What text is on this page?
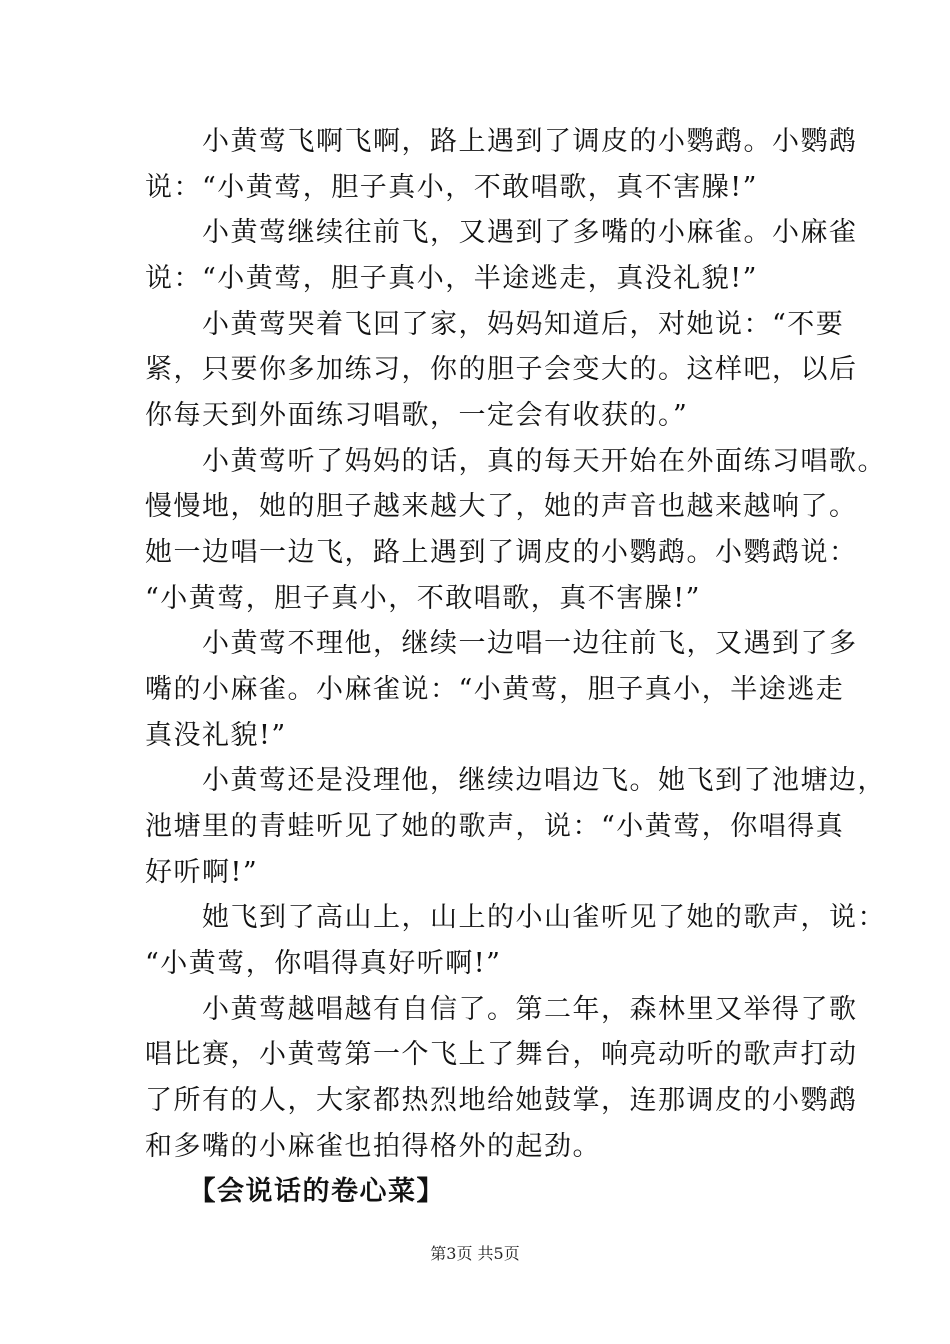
　　小黄莺飞啊飞啊，路上遇到了调皮的小鹦鹉。小鹦鹉
说：“小黄莺，胆子真小，不敢唱歌，真不害臊!”
　　小黄莺继续往前飞，又遇到了多嘴的小麻雀。小麻雀
说：“小黄莺，胆子真小，半途逃走，真没礼貌!”
　　小黄莺哭着飞回了家，妈妈知道后，对她说：“不要
紧，只要你多加练习，你的胆子会变大的。这样吧，以后
你每天到外面练习唱歌，一定会有收获的。”
　　小黄莺听了妈妈的话，真的每天开始在外面练习唱歌。
慢慢地，她的胆子越来越大了，她的声音也越来越响了。
她一边唱一边飞，路上遇到了调皮的小鹦鹉。小鹦鹉说：
“小黄莺，胆子真小，不敢唱歌，真不害臊!”
　　小黄莺不理他，继续一边唱一边往前飞，又遇到了多
嘴的小麻雀。小麻雀说：“小黄莺，胆子真小，半途逃走
真没礼貌!”
　　小黄莺还是没理他，继续边唱边飞。她飞到了池塘边，
池塘里的青蛙听见了她的歌声，说：“小黄莺，你唱得真
好听啊!”
　　她飞到了高山上，山上的小山雀听见了她的歌声，说：
“小黄莺，你唱得真好听啊!”
　　小黄莺越唱越有自信了。第二年，森林里又举得了歌
唱比赛，小黄莺第一个飞上了舞台，响亮动听的歌声打动
了所有的人，大家都热烈地给她鼓掌，连那调皮的小鹦鹉
和多嘴的小麻雀也拍得格外的起劲。
　　【会说话的卷心菜】
第3页 共5页
